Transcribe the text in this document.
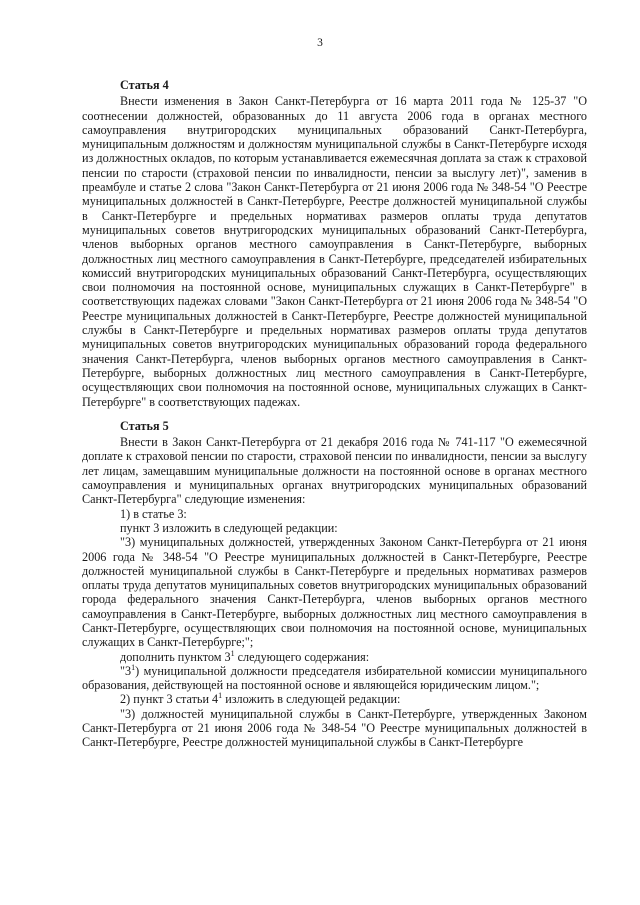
3
Статья 4

Внести изменения в Закон Санкт-Петербурга от 16 марта 2011 года № 125-37 "О соотнесении должностей, образованных до 11 августа 2006 года в органах местного самоуправления внутригородских муниципальных образований Санкт-Петербурга, муниципальным должностям и должностям муниципальной службы в Санкт-Петербурге исходя из должностных окладов, по которым устанавливается ежемесячная доплата за стаж к страховой пенсии по старости (страховой пенсии по инвалидности, пенсии за выслугу лет)", заменив в преамбуле и статье 2 слова "Закон Санкт-Петербурга от 21 июня 2006 года № 348-54 "О Реестре муниципальных должностей в Санкт-Петербурге, Реестре должностей муниципальной службы в Санкт-Петербурге и предельных нормативах размеров оплаты труда депутатов муниципальных советов внутригородских муниципальных образований Санкт-Петербурга, членов выборных органов местного самоуправления в Санкт-Петербурге, выборных должностных лиц местного самоуправления в Санкт-Петербурге, председателей избирательных комиссий внутригородских муниципальных образований Санкт-Петербурга, осуществляющих свои полномочия на постоянной основе, муниципальных служащих в Санкт-Петербурге" в соответствующих падежах словами "Закон Санкт-Петербурга от 21 июня 2006 года № 348-54 "О Реестре муниципальных должностей в Санкт-Петербурге, Реестре должностей муниципальной службы в Санкт-Петербурге и предельных нормативах размеров оплаты труда депутатов муниципальных советов внутригородских муниципальных образований города федерального значения Санкт-Петербурга, членов выборных органов местного самоуправления в Санкт-Петербурге, выборных должностных лиц местного самоуправления в Санкт-Петербурге, осуществляющих свои полномочия на постоянной основе, муниципальных служащих в Санкт-Петербурге" в соответствующих падежах.

Статья 5

Внести в Закон Санкт-Петербурга от 21 декабря 2016 года № 741-117 "О ежемесячной доплате к страховой пенсии по старости, страховой пенсии по инвалидности, пенсии за выслугу лет лицам, замещавшим муниципальные должности на постоянной основе в органах местного самоуправления и муниципальных органах внутригородских муниципальных образований Санкт-Петербурга" следующие изменения:

1) в статье 3:

пункт 3 изложить в следующей редакции:

"3) муниципальных должностей, утвержденных Законом Санкт-Петербурга от 21 июня 2006 года № 348-54 "О Реестре муниципальных должностей в Санкт-Петербурге, Реестре должностей муниципальной службы в Санкт-Петербурге и предельных нормативах размеров оплаты труда депутатов муниципальных советов внутригородских муниципальных образований города федерального значения Санкт-Петербурга, членов выборных органов местного самоуправления в Санкт-Петербурге, выборных должностных лиц местного самоуправления в Санкт-Петербурге, осуществляющих свои полномочия на постоянной основе, муниципальных служащих в Санкт-Петербурге;";

дополнить пунктом $3^1$ следующего содержания:

"$3^1$) муниципальной должности председателя избирательной комиссии муниципального образования, действующей на постоянной основе и являющейся юридическим лицом.";

2) пункт 3 статьи $4^1$ изложить в следующей редакции:

"3) должностей муниципальной службы в Санкт-Петербурге, утвержденных Законом Санкт-Петербурга от 21 июня 2006 года № 348-54 "О Реестре муниципальных должностей в Санкт-Петербурге, Реестре должностей муниципальной службы в Санкт-Петербурге
